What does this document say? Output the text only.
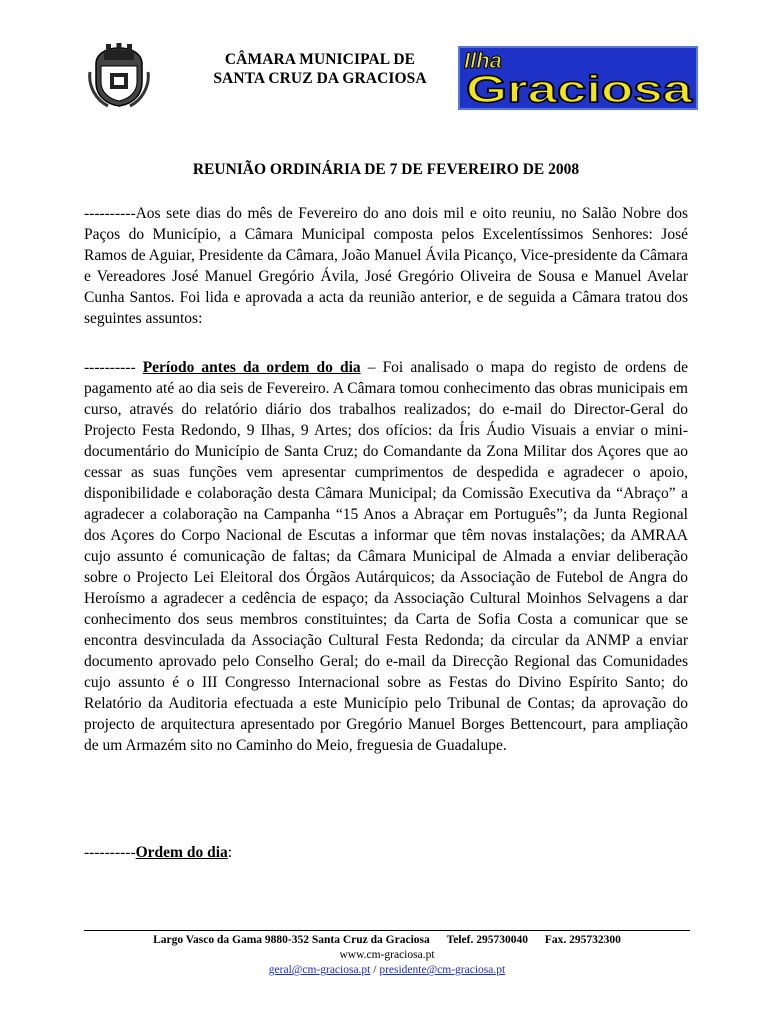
CÂMARA MUNICIPAL DE
SANTA CRUZ DA GRACIOSA
Ilha
Graciosa
REUNIÃO ORDINÁRIA DE 7 DE FEVEREIRO DE 2008

----------Aos sete dias do mês de Fevereiro do ano dois mil e oito reuniu, no Salão Nobre dos Paços do Município, a Câmara Municipal composta pelos Excelentíssimos Senhores: José Ramos de Aguiar, Presidente da Câmara, João Manuel Ávila Picanço, Vice-presidente da Câmara e Vereadores José Manuel Gregório Ávila, José Gregório Oliveira de Sousa e Manuel Avelar Cunha Santos. Foi lida e aprovada a acta da reunião anterior, e de seguida a Câmara tratou dos seguintes assuntos:

---------- Período antes da ordem do dia – Foi analisado o mapa do registo de ordens de pagamento até ao dia seis de Fevereiro. A Câmara tomou conhecimento das obras municipais em curso, através do relatório diário dos trabalhos realizados; do e-mail do Director-Geral do Projecto Festa Redondo, 9 Ilhas, 9 Artes; dos ofícios: da Íris Áudio Visuais a enviar o mini-documentário do Município de Santa Cruz; do Comandante da Zona Militar dos Açores que ao cessar as suas funções vem apresentar cumprimentos de despedida e agradecer o apoio, disponibilidade e colaboração desta Câmara Municipal; da Comissão Executiva da “Abraço” a agradecer a colaboração na Campanha “15 Anos a Abraçar em Português”; da Junta Regional dos Açores do Corpo Nacional de Escutas a informar que têm novas instalações; da AMRAA cujo assunto é comunicação de faltas; da Câmara Municipal de Almada a enviar deliberação sobre o Projecto Lei Eleitoral dos Órgãos Autárquicos; da Associação de Futebol de Angra do Heroísmo a agradecer a cedência de espaço; da Associação Cultural Moinhos Selvagens a dar conhecimento dos seus membros constituintes; da Carta de Sofia Costa a comunicar que se encontra desvinculada da Associação Cultural Festa Redonda; da circular da ANMP a enviar documento aprovado pelo Conselho Geral; do e-mail da Direcção Regional das Comunidades cujo assunto é o III Congresso Internacional sobre as Festas do Divino Espírito Santo; do Relatório da Auditoria efectuada a este Município pelo Tribunal de Contas; da aprovação do projecto de arquitectura apresentado por Gregório Manuel Borges Bettencourt, para ampliação de um Armazém sito no Caminho do Meio, freguesia de Guadalupe.

----------Ordem do dia:

Largo Vasco da Gama 9880-352 Santa Cruz da Graciosa Telef. 295730040 Fax. 295732300
www.cm-graciosa.pt
geral@cm-graciosa.pt / presidente@cm-graciosa.pt
